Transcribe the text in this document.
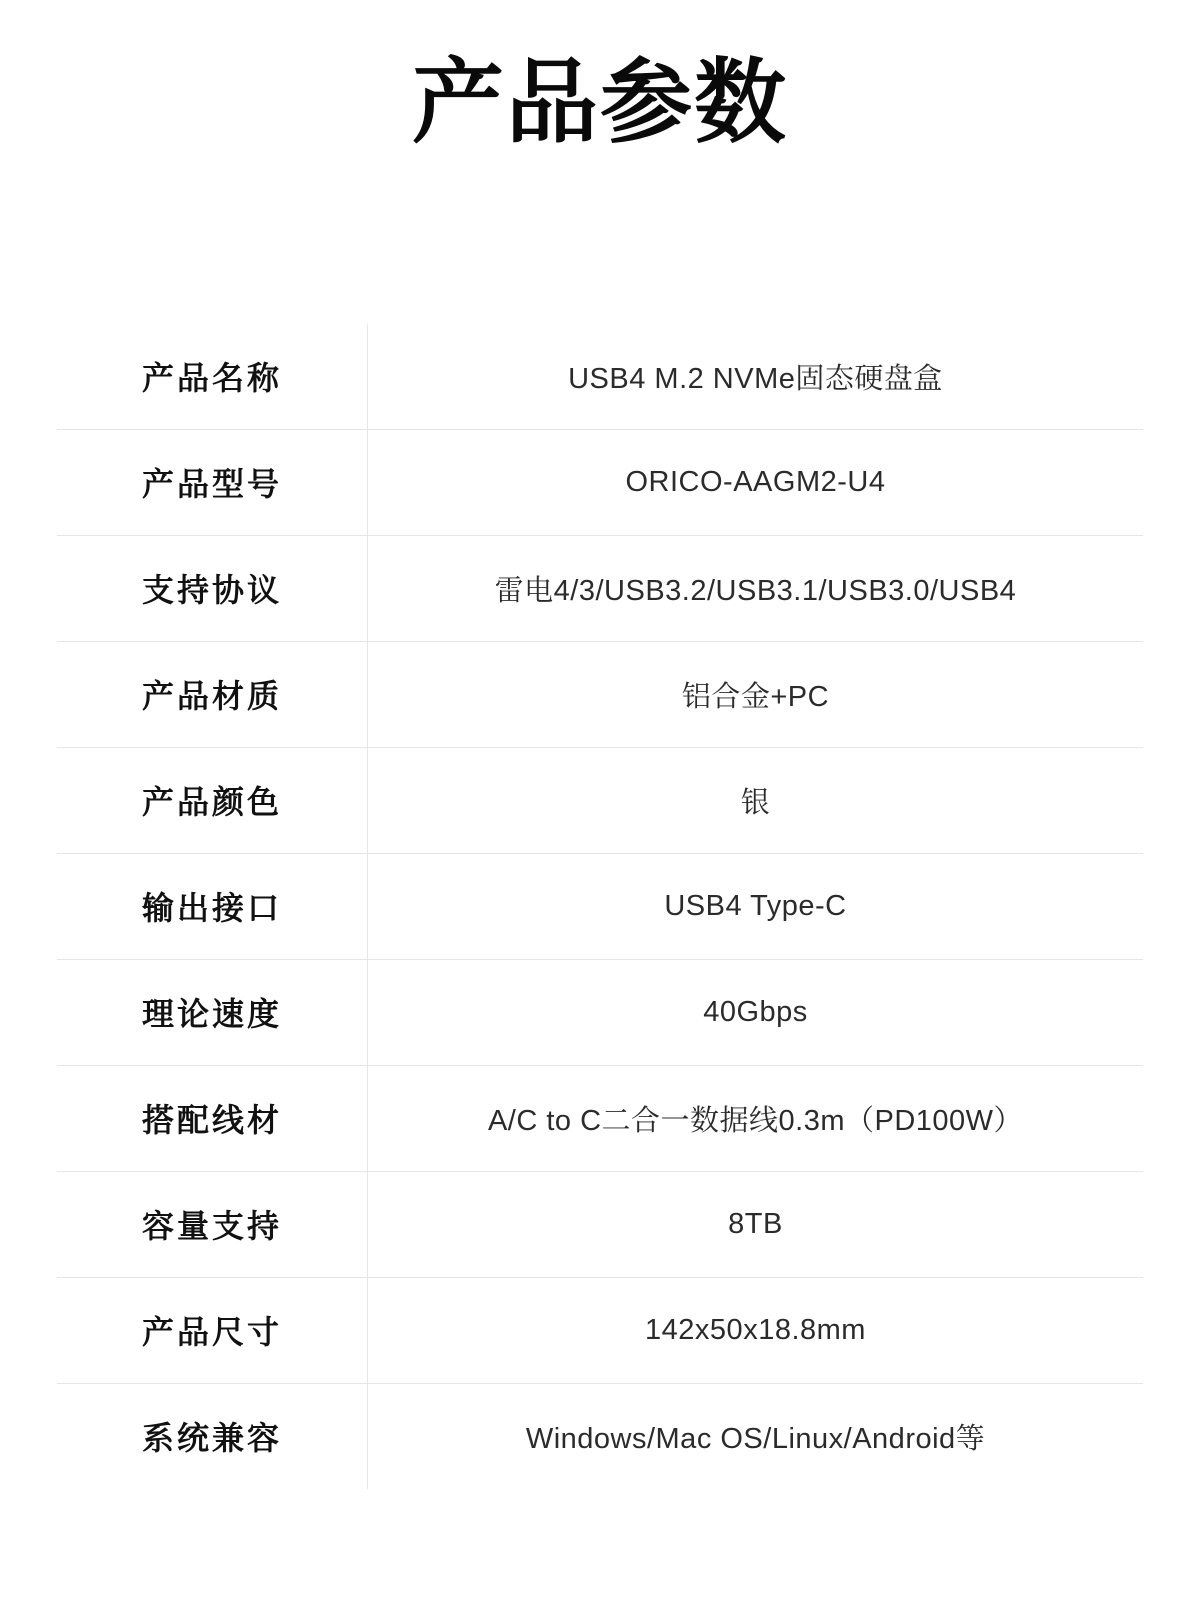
产品参数
产品名称	USB4 M.2 NVMe固态硬盘盒
产品型号	ORICO-AAGM2-U4
支持协议	雷电4/3/USB3.2/USB3.1/USB3.0/USB4
产品材质	铝合金+PC
产品颜色	银
输出接口	USB4 Type-C
理论速度	40Gbps
搭配线材	A/C to C二合一数据线0.3m（PD100W）
容量支持	8TB
产品尺寸	142x50x18.8mm
系统兼容	Windows/Mac OS/Linux/Android等
